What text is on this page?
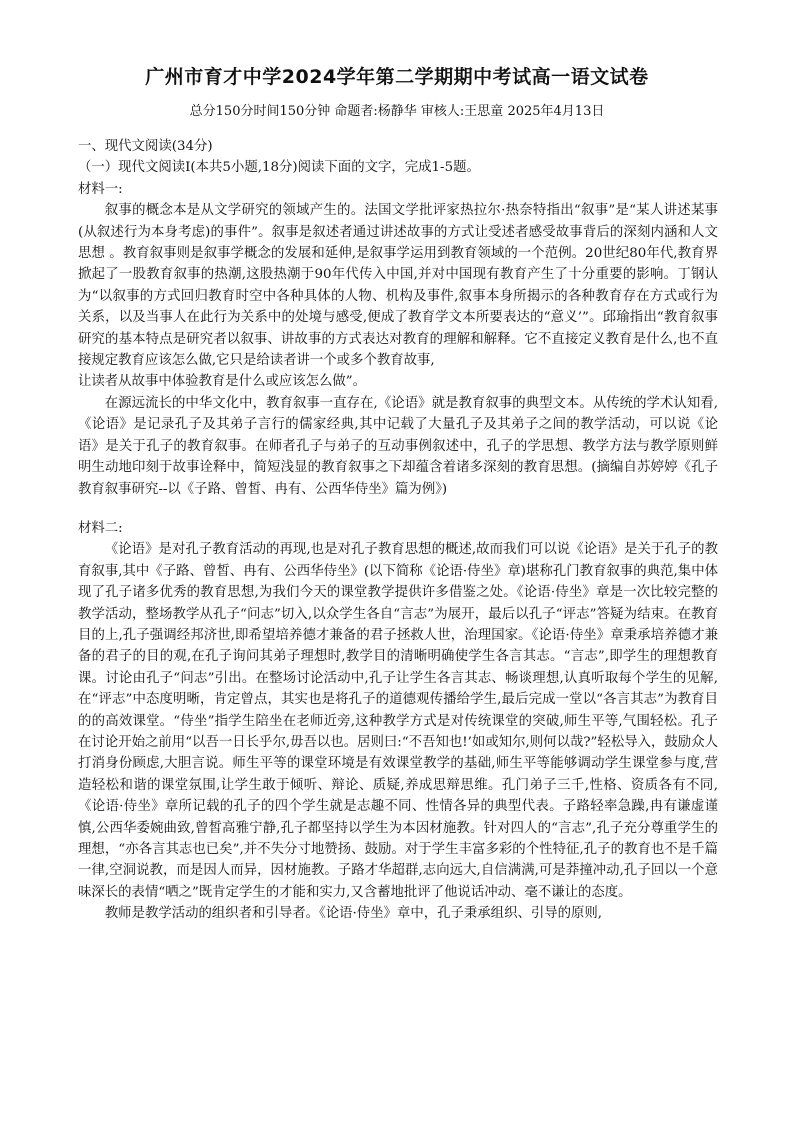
广州市育才中学2024学年第二学期期中考试高一语文试卷
总分150分时间150分钟 命题者:杨静华 审核人:王思童 2025年4月13日

一、现代文阅读(34分)

（一）现代文阅读Ⅰ(本共5小题,18分)阅读下面的文字，完成1-5题。

材料一:

叙事的概念本是从文学研究的领域产生的。法国文学批评家热拉尔·热奈特指出“叙事”是“某人讲述某事(从叙述行为本身考虑)的事件”。叙事是叙述者通过讲述故事的方式让受述者感受故事背后的深刻内涵和人文思想 。教育叙事则是叙事学概念的发展和延伸,是叙事学运用到教育领域的一个范例。20世纪80年代,教育界掀起了一股教育叙事的热潮,这股热潮于90年代传入中国,并对中国现有教育产生了十分重要的影响。丁钢认为“以叙事的方式回归教育时空中各种具体的人物、机构及事件,叙事本身所揭示的各种教育存在方式或行为关系，以及当事人在此行为关系中的处境与感受,便成了教育学文本所要表达的“意义’”。邱瑜指出“教育叙事研究的基本特点是研究者以叙事、讲故事的方式表达对教育的理解和解释。它不直接定义教育是什么,也不直接规定教育应该怎么做,它只是给读者讲一个或多个教育故事,

让读者从故事中体验教育是什么或应该怎么做”。

在源远流长的中华文化中，教育叙事一直存在,《论语》就是教育叙事的典型文本。从传统的学术认知看,《论语》是记录孔子及其弟子言行的儒家经典,其中记载了大量孔子及其弟子之间的教学活动，可以说《论语》是关于孔子的教育叙事。在师者孔子与弟子的互动事例叙述中，孔子的学思想、教学方法与教学原则鲜明生动地印刻于故事诠释中，简短浅显的教育叙事之下却蕴含着诸多深刻的教育思想。(摘编自苏婷婷《孔子教育叙事研究--以《子路、曾皙、冉有、公西华侍坐》篇为例》)

材料二:

《论语》是对孔子教育活动的再现,也是对孔子教育思想的概述,故而我们可以说《论语》是关于孔子的教育叙事,其中《子路、曾皙、冉有、公西华侍坐》(以下简称《论语·侍坐》章)堪称孔门教育叙事的典范,集中体现了孔子诸多优秀的教育思想,为我们今天的课堂教学提供许多借鉴之处。《论语·侍坐》章是一次比较完整的教学活动，整场教学从孔子“问志”切入,以众学生各自“言志”为展开，最后以孔子“评志”答疑为结束。在教育目的上,孔子强调经邦济世,即希望培养德才兼备的君子拯救人世，治理国家。《论语·侍坐》章秉承培养德才兼备的君子的目的观,在孔子询问其弟子理想时,教学目的清晰明确使学生各言其志。“言志”,即学生的理想教育课。讨论由孔子“问志”引出。在整场讨论活动中,孔子让学生各言其志、畅谈理想,认真听取每个学生的见解,在“评志”中态度明晰，肯定曾点，其实也是将孔子的道德观传播给学生,最后完成一堂以“各言其志”为教育目的的高效课堂。“侍坐”指学生陪坐在老师近旁,这种教学方式是对传统课堂的突破,师生平等,气围轻松。孔子在讨论开始之前用“以吾一日长乎尔,毋吾以也。居则曰:“不吾知也!’如或知尔,则何以哉?”轻松导入，鼓励众人打消身份顾虑,大胆言说。师生平等的课堂环境是有效课堂教学的基础,师生平等能够调动学生课堂参与度,营造轻松和谐的课堂氛围,让学生敢于倾听、辩论、质疑,养成思辩思维。孔门弟子三千,性格、资质各有不同,《论语·侍坐》章所记载的孔子的四个学生就是志趣不同、性情各异的典型代表。子路轻率急躁,冉有谦虚谨慎,公西华委婉曲致,曾皙高雅宁静,孔子都坚持以学生为本因材施教。针对四人的“言志”,孔子充分尊重学生的理想，“亦各言其志也已矣”,并不失分寸地赞扬、鼓励。对于学生丰富多彩的个性特征,孔子的教育也不是千篇一律,空洞说教，而是因人而异，因材施教。子路才华超群,志向远大,自信满满,可是莽撞冲动,孔子回以一个意味深长的表情“哂之”既肯定学生的才能和实力,又含蓄地批评了他说话冲动、毫不谦让的态度。

教师是教学活动的组织者和引导者。《论语·侍坐》章中，孔子秉承组织、引导的原则,
